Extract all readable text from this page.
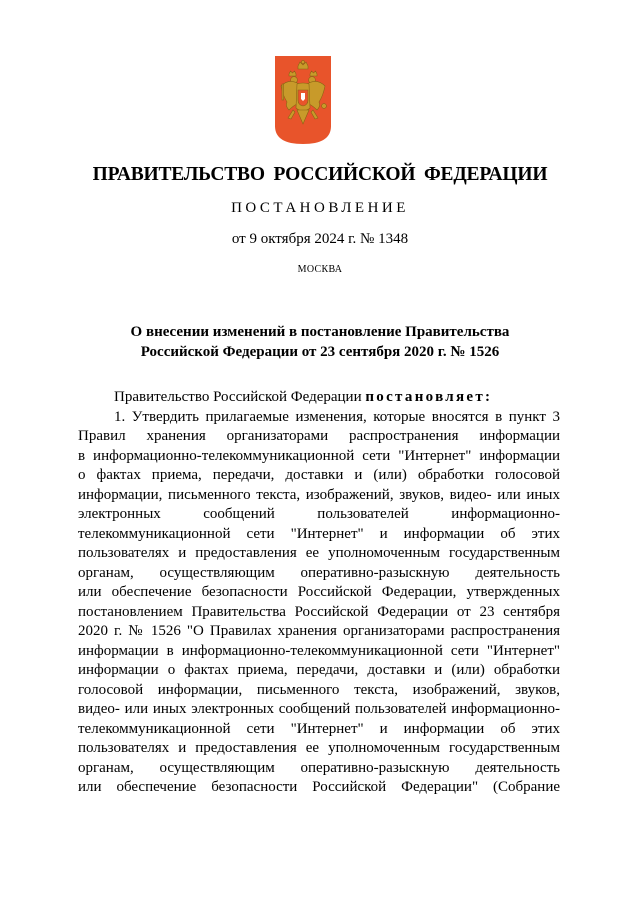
ПРАВИТЕЛЬСТВО РОССИЙСКОЙ ФЕДЕРАЦИИ
ПОСТАНОВЛЕНИЕ
от 9 октября 2024 г. № 1348
МОСКВА
О внесении изменений в постановление Правительства
Российской Федерации от 23 сентября 2020 г. № 1526
Правительство Российской Федерации постановляет:
1. Утвердить прилагаемые изменения, которые вносятся в пункт 3
Правил хранения организаторами распространения информации
в информационно-телекоммуникационной сети "Интернет" информации
о фактах приема, передачи, доставки и (или) обработки голосовой
информации, письменного текста, изображений, звуков, видео- или иных
электронных сообщений пользователей информационно-
телекоммуникационной сети "Интернет" и информации об этих
пользователях и предоставления ее уполномоченным государственным
органам, осуществляющим оперативно-разыскную деятельность
или обеспечение безопасности Российской Федерации, утвержденных
постановлением Правительства Российской Федерации от 23 сентября
2020 г. № 1526 "О Правилах хранения организаторами распространения
информации в информационно-телекоммуникационной сети "Интернет"
информации о фактах приема, передачи, доставки и (или) обработки
голосовой информации, письменного текста, изображений, звуков,
видео- или иных электронных сообщений пользователей информационно-
телекоммуникационной сети "Интернет" и информации об этих
пользователях и предоставления ее уполномоченным государственным
органам, осуществляющим оперативно-разыскную деятельность
или обеспечение безопасности Российской Федерации" (Собрание
